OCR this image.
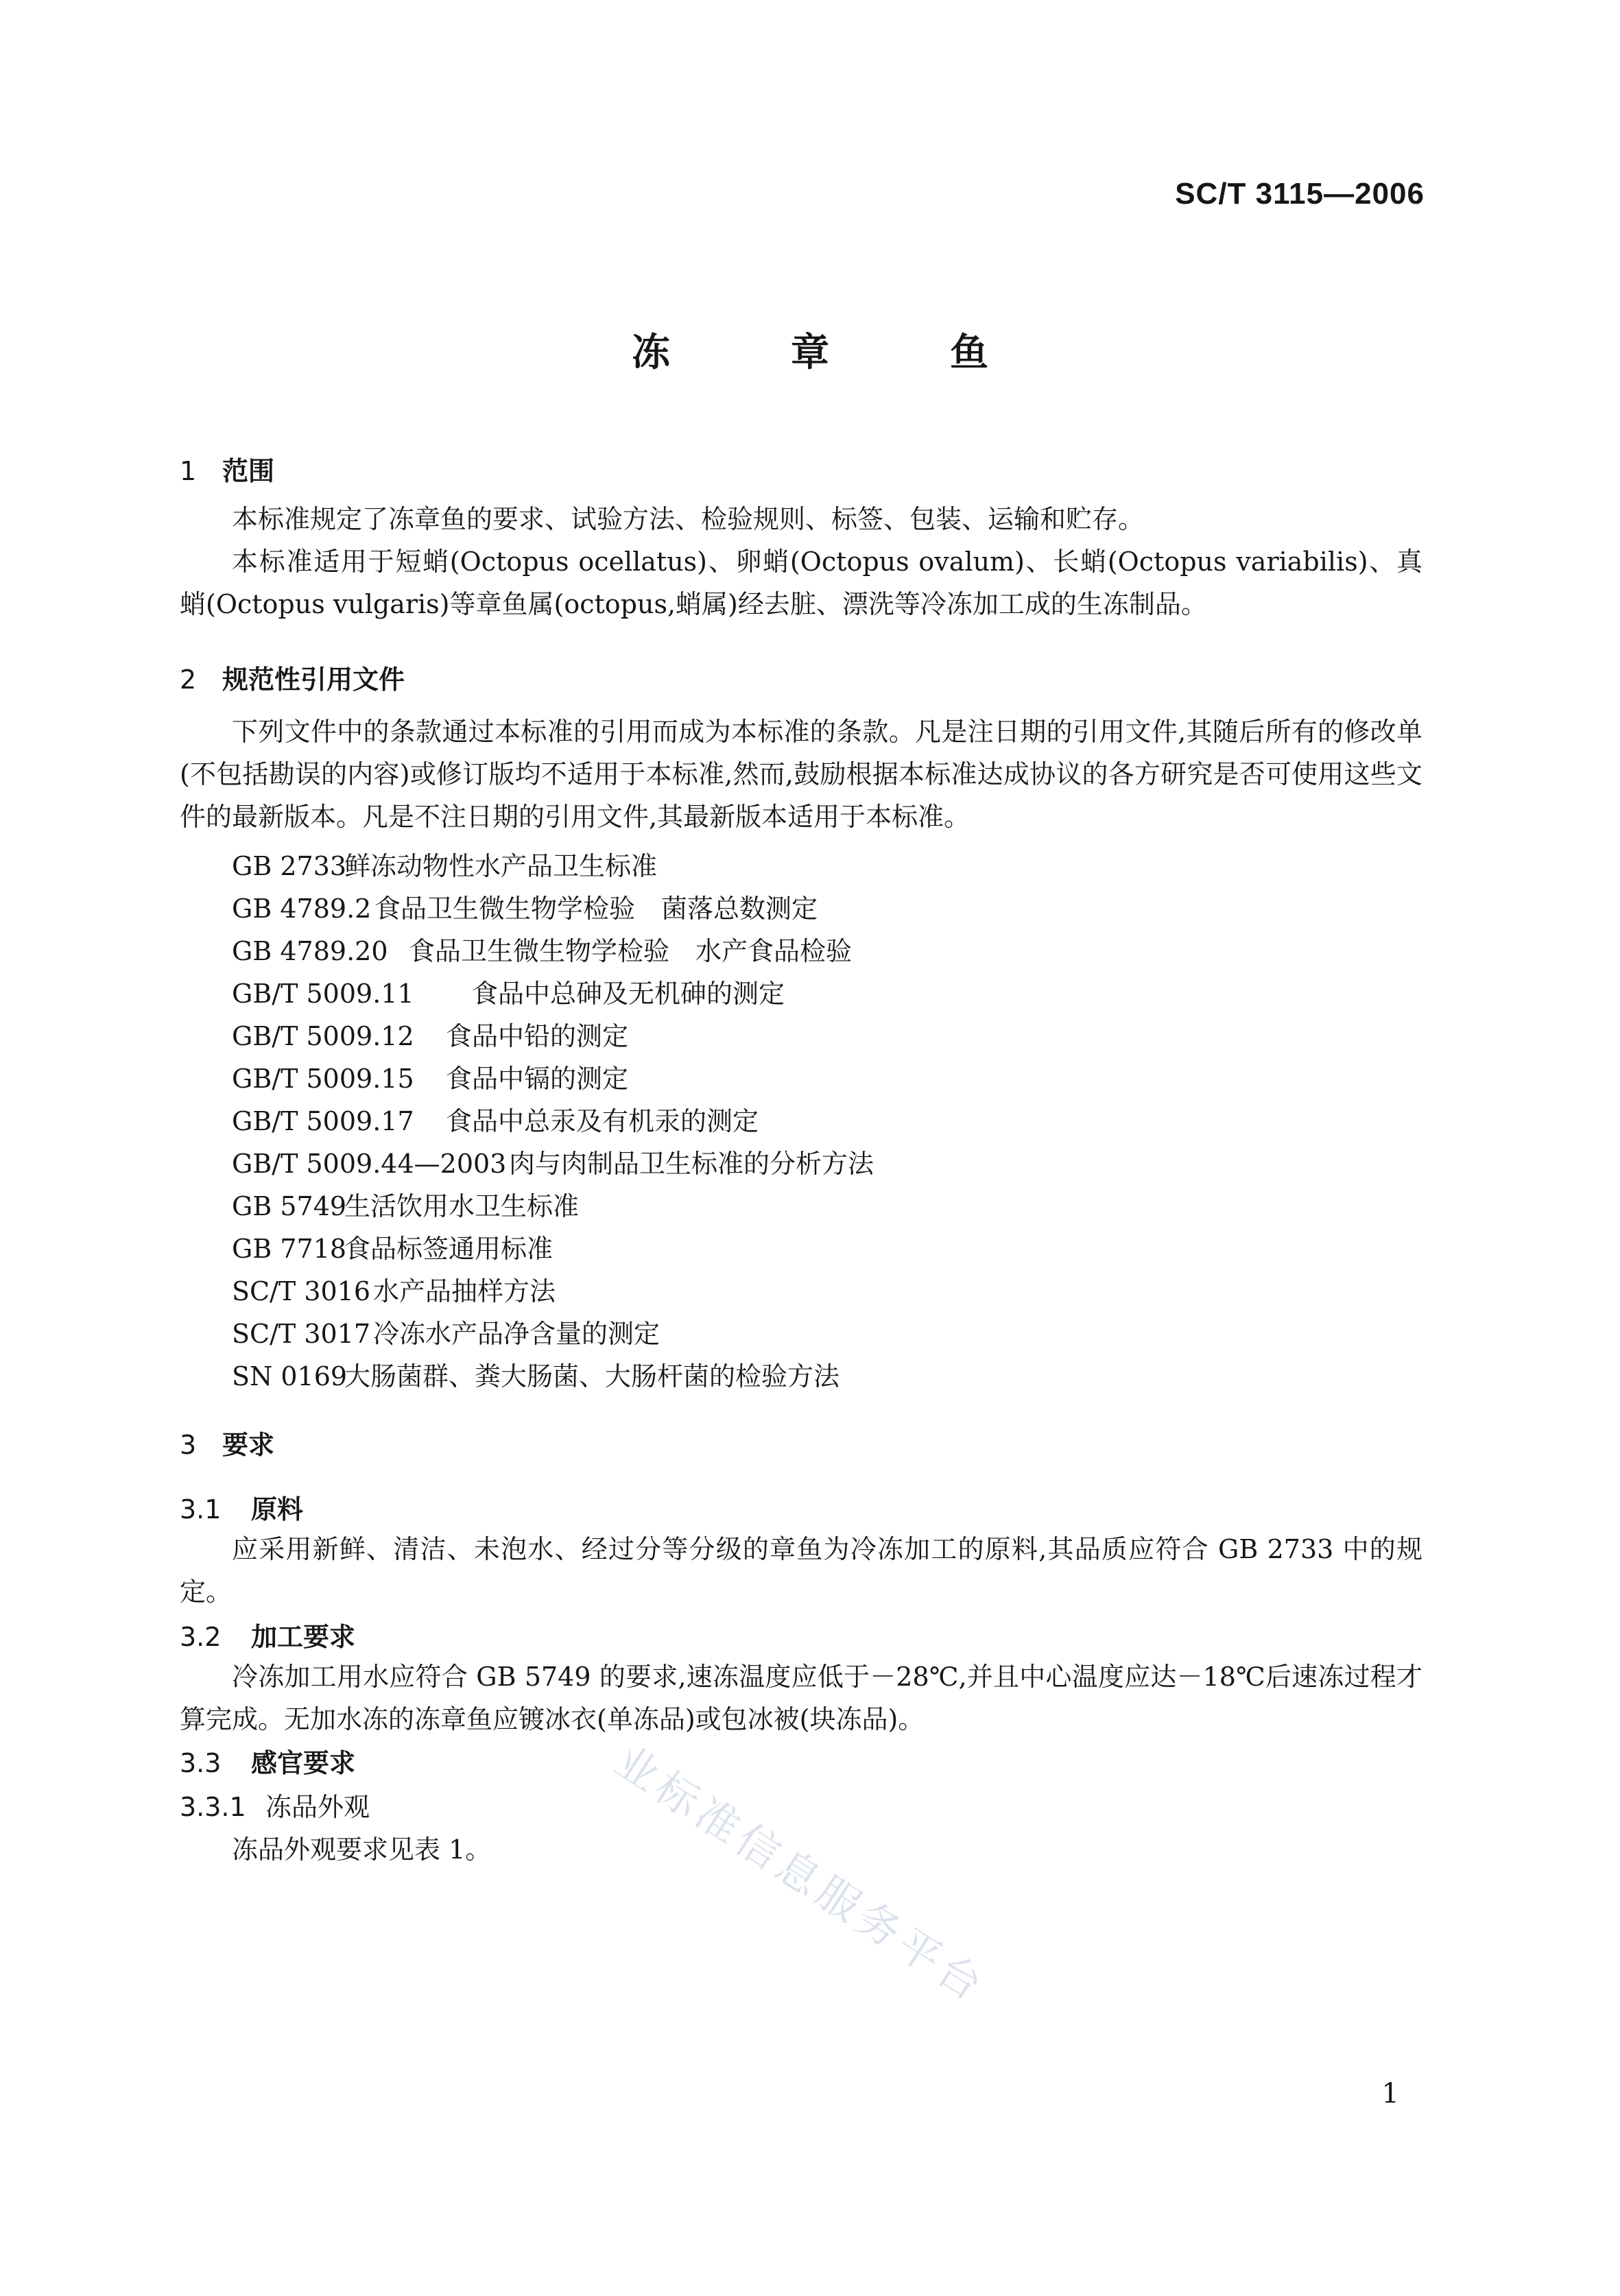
SC/T 3115—2006
冻　章　鱼
1 范围
本标准规定了冻章鱼的要求、试验方法、检验规则、标签、包装、运输和贮存。
本标准适用于短蛸(Octopus ocellatus)、卵蛸(Octopus ovalum)、长蛸(Octopus variabilis)、真蛸(Octopus vulgaris)等章鱼属(octopus,蛸属)经去脏、漂洗等冷冻加工成的生冻制品。
2 规范性引用文件
下列文件中的条款通过本标准的引用而成为本标准的条款。凡是注日期的引用文件,其随后所有的修改单(不包括勘误的内容)或修订版均不适用于本标准,然而,鼓励根据本标准达成协议的各方研究是否可使用这些文件的最新版本。凡是不注日期的引用文件,其最新版本适用于本标准。
GB 2733鲜冻动物性水产品卫生标准
GB 4789.2 食品卫生微生物学检验　菌落总数测定
GB 4789.20 食品卫生微生物学检验　水产食品检验
GB/T 5009.11 食品中总砷及无机砷的测定
GB/T 5009.12 食品中铅的测定
GB/T 5009.15 食品中镉的测定
GB/T 5009.17 食品中总汞及有机汞的测定
GB/T 5009.44—2003肉与肉制品卫生标准的分析方法
GB 5749生活饮用水卫生标准
GB 7718食品标签通用标准
SC/T 3016 水产品抽样方法
SC/T 3017 冷冻水产品净含量的测定
SN 0169大肠菌群、粪大肠菌、大肠杆菌的检验方法
3 要求
3.1 原料
应采用新鲜、清洁、未泡水、经过分等分级的章鱼为冷冻加工的原料,其品质应符合 GB 2733 中的规定。
3.2 加工要求
冷冻加工用水应符合 GB 5749 的要求,速冻温度应低于－28℃,并且中心温度应达－18℃后速冻过程才算完成。无加水冻的冻章鱼应镀冰衣(单冻品)或包冰被(块冻品)。
3.3 感官要求
3.3.1 冻品外观
冻品外观要求见表 1。	业标准信息服务平台
1
